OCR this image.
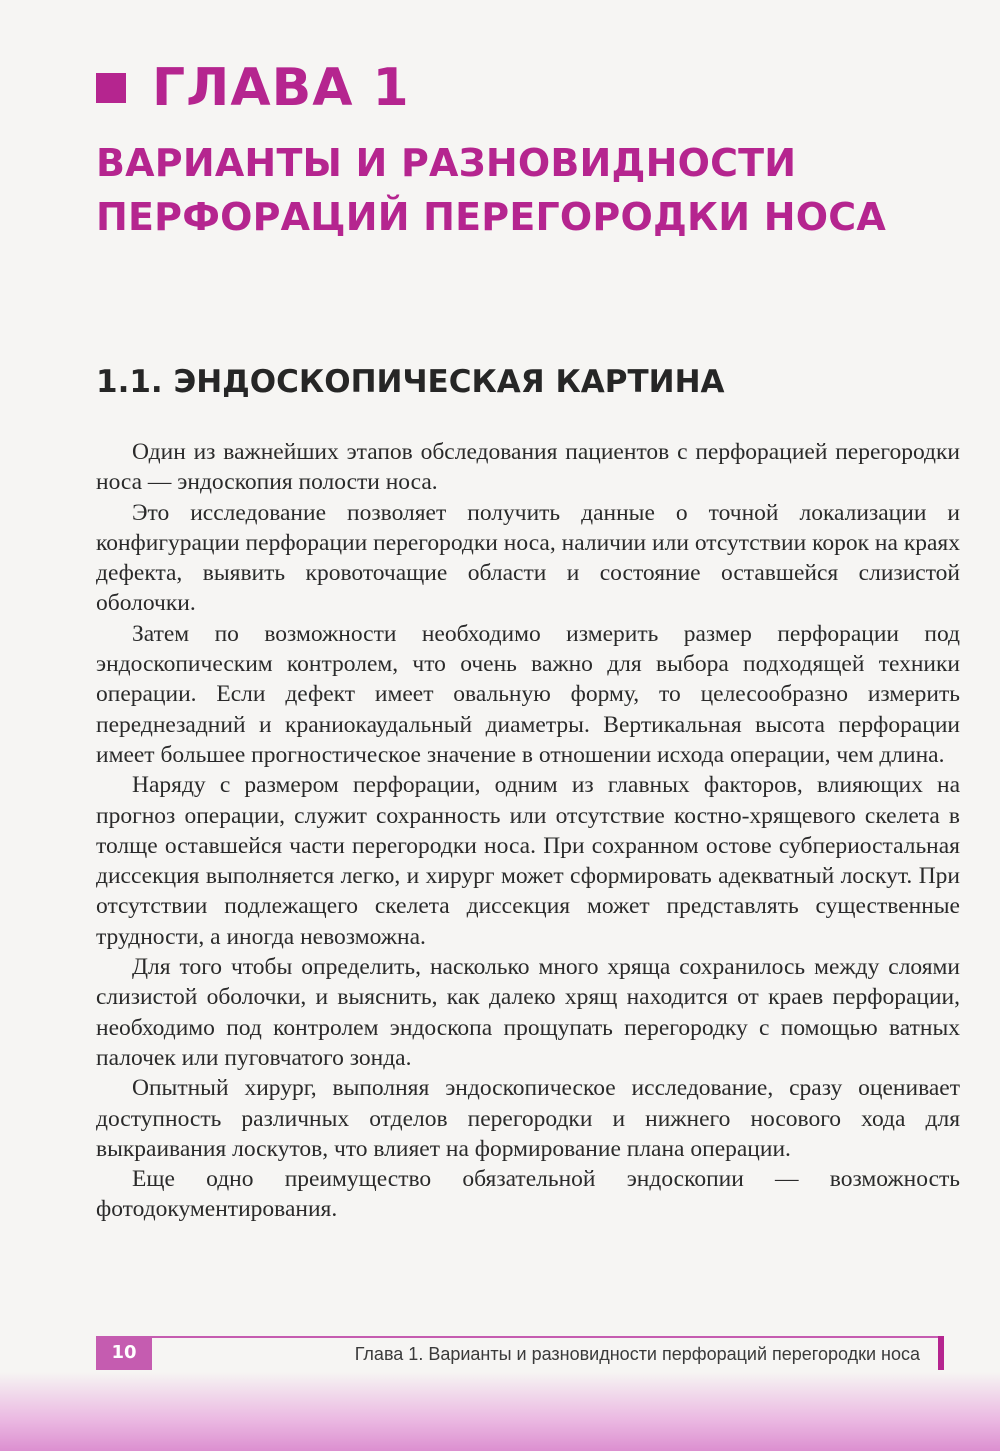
ГЛАВА 1
ВАРИАНТЫ И РАЗНОВИДНОСТИ
ПЕРФОРАЦИЙ ПЕРЕГОРОДКИ НОСА
1.1. ЭНДОСКОПИЧЕСКАЯ КАРТИНА

Один из важнейших этапов обследования пациентов с перфорацией перегородки носа — эндоскопия полости носа.

Это исследование позволяет получить данные о точной локализации и конфигурации перфорации перегородки носа, наличии или отсутствии корок на краях дефекта, выявить кровоточащие области и состояние оставшейся слизистой оболочки.

Затем по возможности необходимо измерить размер перфорации под эндоскопическим контролем, что очень важно для выбора подходящей техники операции. Если дефект имеет овальную форму, то целесообразно измерить переднезадний и краниокаудальный диаметры. Вертикальная высота перфорации имеет большее прогностическое значение в отношении исхода операции, чем длина.

Наряду с размером перфорации, одним из главных факторов, влияющих на прогноз операции, служит сохранность или отсутствие костно-хрящевого скелета в толще оставшейся части перегородки носа. При сохранном остове субпериостальная диссекция выполняется легко, и хирург может сформировать адекватный лоскут. При отсутствии подлежащего скелета диссекция может представлять существенные трудности, а иногда невозможна.

Для того чтобы определить, насколько много хряща сохранилось между слоями слизистой оболочки, и выяснить, как далеко хрящ находится от краев перфорации, необходимо под контролем эндоскопа прощупать перегородку с помощью ватных палочек или пуговчатого зонда.

Опытный хирург, выполняя эндоскопическое исследование, сразу оценивает доступность различных отделов перегородки и нижнего носового хода для выкраивания лоскутов, что влияет на формирование плана операции.

Еще одно преимущество обязательной эндоскопии — возможность фотодокументирования.

10	Глава 1. Варианты и разновидности перфораций перегородки носа
